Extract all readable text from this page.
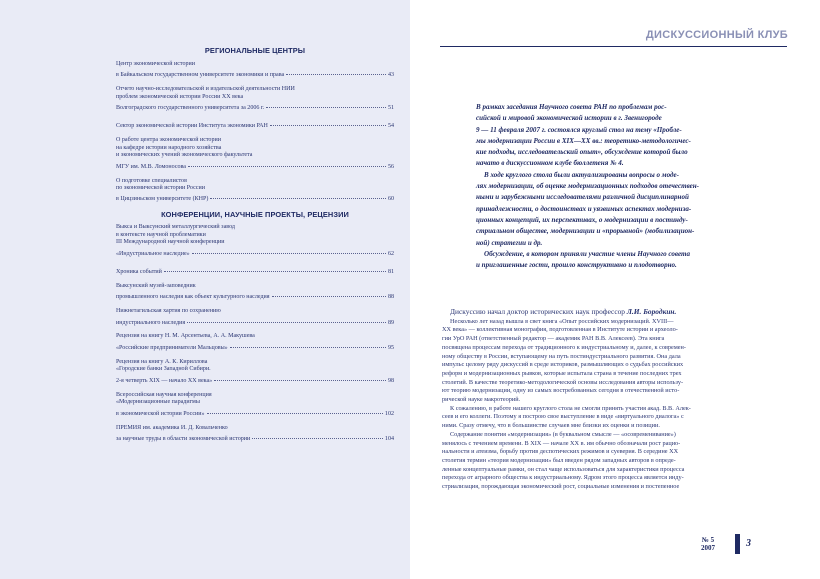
РЕГИОНАЛЬНЫЕ ЦЕНТРЫ
Центр экономической истории
в Байкальском государственном университете экономики и права	43
Отчето научно-исследовательской и издательской деятельности НИИ
проблем экономической истории России XX века
Волгоградского государственного университета за 2006 г.	51
Сектор экономической истории Института экономики РАН	54
О работе центра экономической истории
на кафедре истории народного хозяйства
и экономических учений экономического факультета
МГУ им. М.В. Ломоносова	56
О подготовке специалистов
по экономической истории России
в Цицзиньском университете (КНР)	60
КОНФЕРЕНЦИИ, НАУЧНЫЕ ПРОЕКТЫ, РЕЦЕНЗИИ
Выкса и Выксунский металлургический завод
в контексте научной проблематики
III Международной научной конференции
«Индустриальное наследие»	62
Хроника событий	81
Выксунский музей-заповедник
промышленного наследия как объект культурного наследия	88
Нижнетагильская хартия по сохранению
индустриального наследия	89
Рецензия на книгу Н. М. Арсентьева, А. А. Макушева
«Российские предприниматели Мальцовы»	95
Рецензия на книгу А. К. Кириллова
«Городские банки Западной Сибири.
2-я четверть XIX — начало XX века»	98
Всероссийская научная конференция
«Модернизационные парадигмы
в экономической истории России»	102
ПРЕМИЯ им. академика И. Д. Ковальченко
за научные труды в области экономической истории	104
ДИСКУССИОННЫЙ КЛУБ
В рамках заседания Научного совета РАН по проблемам рос-
сийской и мировой экономической истории в г. Звенигороде
9 — 11 февраля 2007 г. состоялся круглый стол на тему «Пробле-
мы модернизации России в XIX—XX вв.: теоретико-методологичес-
кие подходы, исследовательский опыт», обсуждение которой было
начато в дискуссионном клубе бюллетеня № 4.
В ходе круглого стола были актуализированы вопросы о моде-
лях модернизации, об оценке модернизационных подходов отечествен-
ными и зарубежными исследователями различной дисциплинарной
принадлежности, о достоинствах и уязвимых аспектах модерниза-
ционных концепций, их перспективах, о модернизации в постинду-
стриальном обществе, модернизации и «прорывной» (мобилизацион-
ной) стратегии и др.
Обсуждение, в котором приняли участие члены Научного совета
и приглашенные гости, прошло конструктивно и плодотворно.
Дискуссию начал доктор исторических наук профессор Л.И. Бородкин.
Несколько лет назад вышла в свет книга «Опыт российских модернизаций. XVIII—
XX века» — коллективная монография, подготовленная в Институте истории и археоло-
гии УрО РАН (ответственный редактор — академик РАН В.В. Алексеев). Эта книга
посвящена процессам перехода от традиционного к индустриальному и, далее, к современ-
ному обществу в России, вступающему на путь постиндустриального развития. Она дала
импульс целому ряду дискуссий в среде историков, размышляющих о судьбах российских
реформ и модернизационных рывков, которые испытала страна в течение последних трех
столетий. В качестве теоретико-методологической основы исследования авторы использу-
ют теорию модернизации, одну из самых востребованных сегодня в отечественной исто-
рической науке макротеорий.
К сожалению, в работе нашего круглого стола не смогли принять участия акад. В.В. Алек-
сеев и его коллеги. Поэтому я построю свое выступление в виде «виртуального диалога» с
ними. Сразу отмечу, что в большинстве случаев мне близки их оценки и позиции.
Содержание понятия «модернизация» (в буквальном смысле — «осовременивание»)
менялось с течением времени. В XIX — начале XX в. им обычно обозначали рост рацио-
нальности и атеизма, борьбу против деспотических режимов и суеверия. В середине XX
столетия термин «теория модернизации» был введен рядом западных авторов в опреде-
ленные концептуальные рамки, он стал чаще использоваться для характеристики процесса
перехода от аграрного общества к индустриальному. Ядром этого процесса является инду-
стриализация, порождающая экономический рост, социальные изменения и постепенное
№ 5
2007	3
